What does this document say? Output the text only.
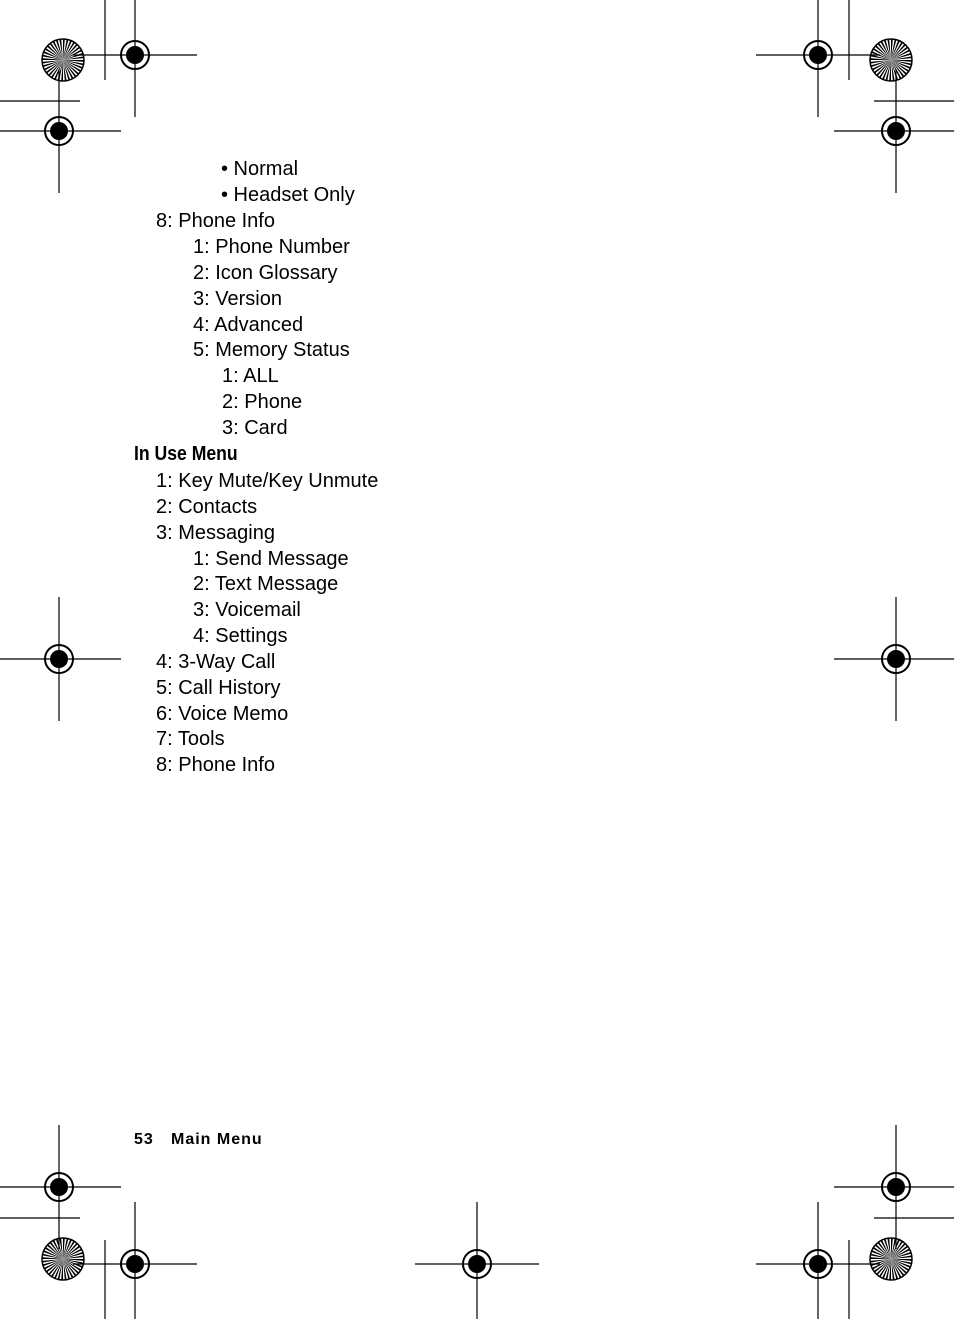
• Normal
• Headset Only
8: Phone Info
1: Phone Number
2: Icon Glossary
3: Version
4: Advanced
5: Memory Status
1: ALL
2: Phone
3: Card
In Use Menu
1: Key Mute/Key Unmute
2: Contacts
3: Messaging
1: Send Message
2: Text Message
3: Voicemail
4: Settings
4: 3-Way Call
5: Call History
6: Voice Memo
7: Tools
8: Phone Info
53 Main Menu
